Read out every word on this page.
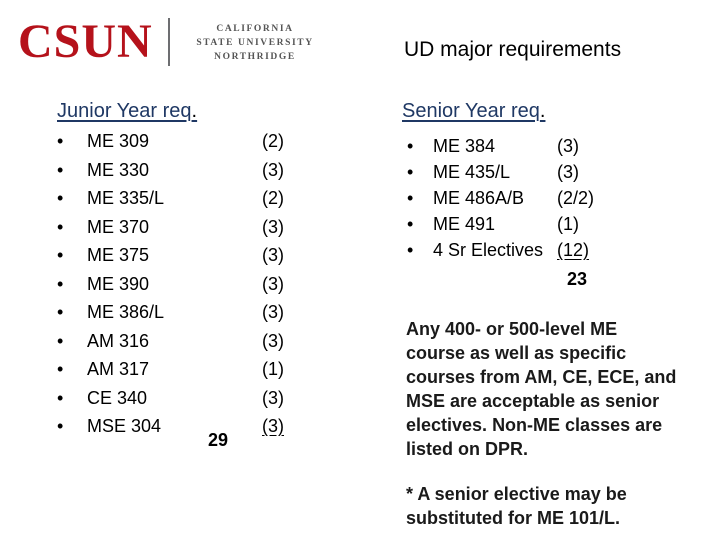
CSUN	CALIFORNIA
STATE UNIVERSITY
NORTHRIDGE	UD major requirements
Junior Year req.
• ME 309	(2)
• ME 330	(3)
• ME 335/L	(2)
• ME 370	(3)
• ME 375	(3)
• ME 390	(3)
• ME 386/L	(3)
• AM 316	(3)
• AM 317	(1)
• CE 340	(3)
• MSE 304	(3)
29
Senior Year req.
• ME 384	(3)
• ME 435/L	(3)
• ME 486A/B (2/2)
• ME 491	(1)
• 4 Sr Electives (12)
23
Any 400- or 500-level ME course as well as specific courses from AM, CE, ECE, and MSE are acceptable as senior electives. Non-ME classes are listed on DPR.
* A senior elective may be substituted for ME 101/L.
